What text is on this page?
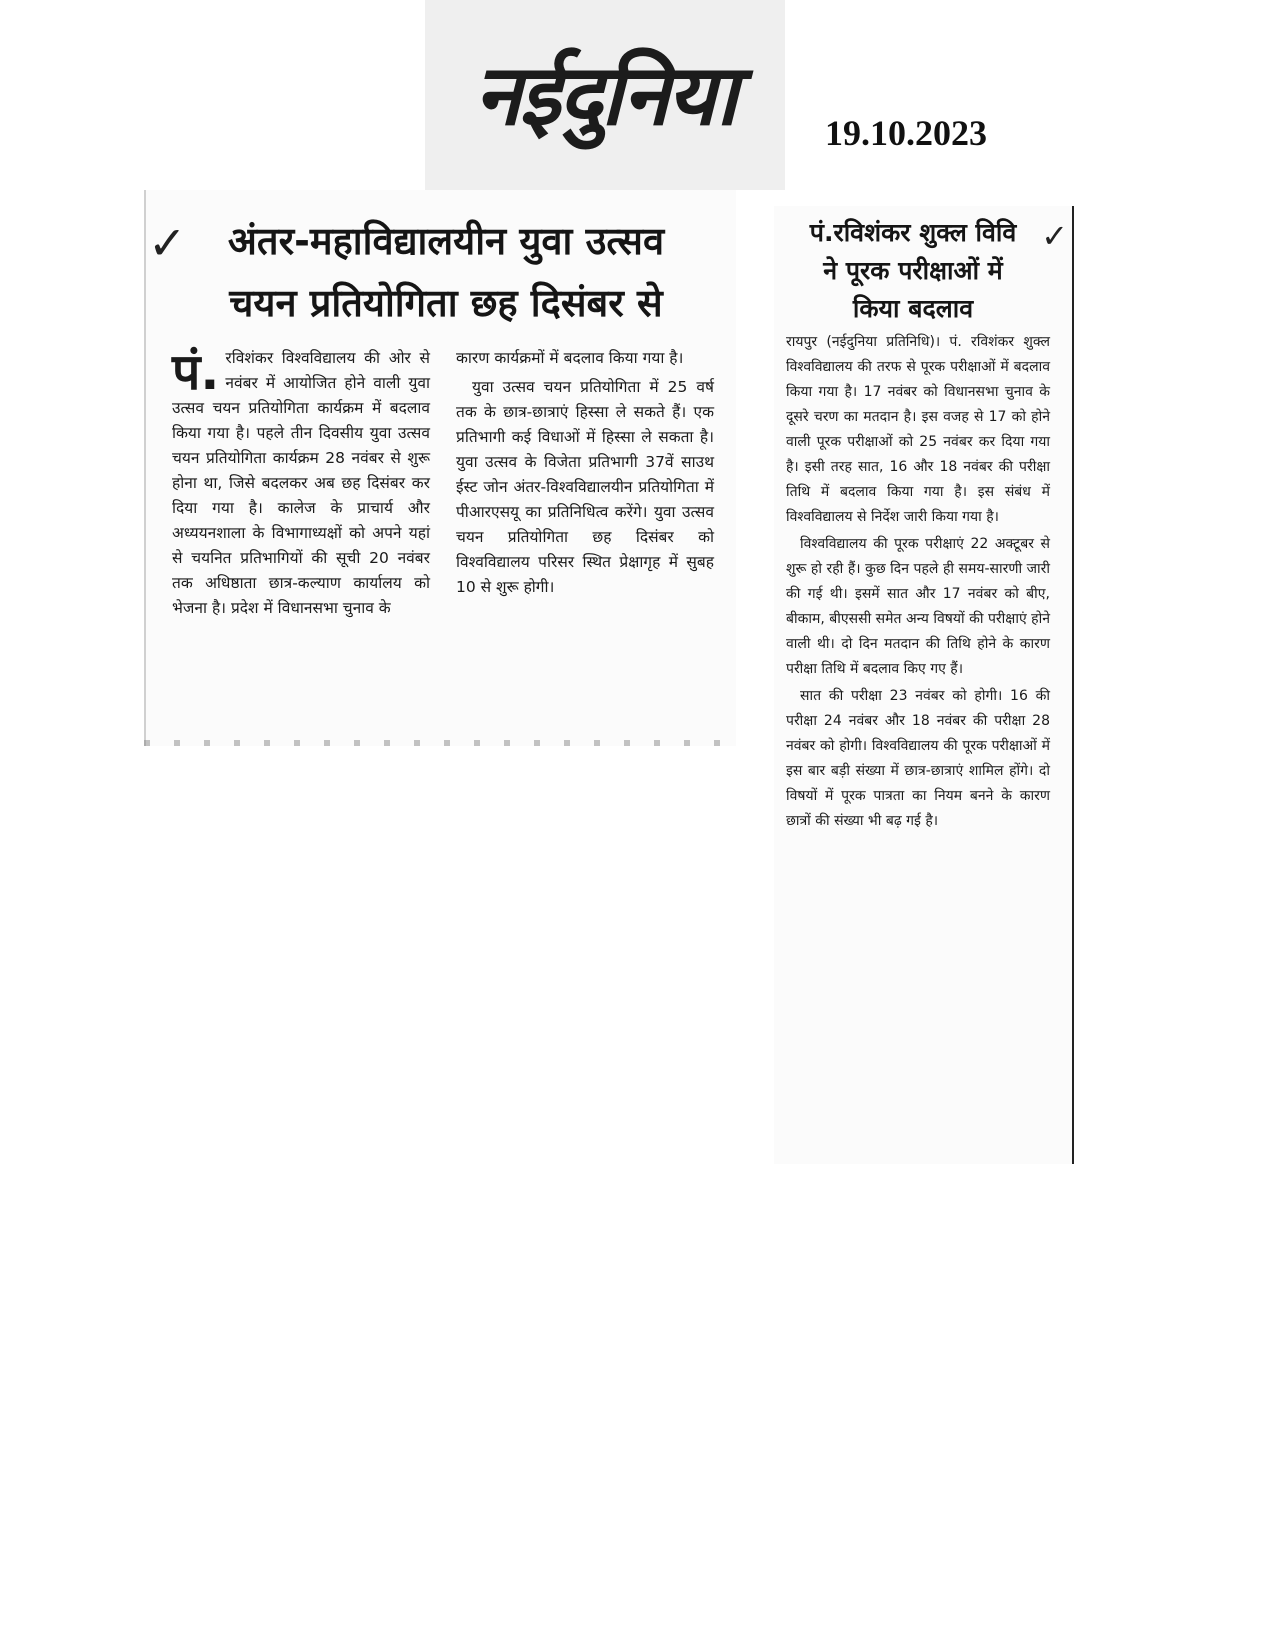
नईदुनिया 19.10.2023
✓	अंतर-महाविद्यालयीन युवा उत्सव
चयन प्रतियोगिता छह दिसंबर से

पं. रविशंकर विश्वविद्यालय की ओर से नवंबर में आयोजित होने वाली युवा उत्सव चयन प्रतियोगिता कार्यक्रम में बदलाव किया गया है। पहले तीन दिवसीय युवा उत्सव चयन प्रतियोगिता कार्यक्रम 28 नवंबर से शुरू होना था, जिसे बदलकर अब छह दिसंबर कर दिया गया है। कालेज के प्राचार्य और अध्ययनशाला के विभागाध्यक्षों को अपने यहां से चयनित प्रतिभागियों की सूची 20 नवंबर तक अधिष्ठाता छात्र-कल्याण कार्यालय को भेजना है। प्रदेश में विधानसभा चुनाव के

कारण कार्यक्रमों में बदलाव किया गया है।

युवा उत्सव चयन प्रतियोगिता में 25 वर्ष तक के छात्र-छात्राएं हिस्सा ले सकते हैं। एक प्रतिभागी कई विधाओं में हिस्सा ले सकता है। युवा उत्सव के विजेता प्रतिभागी 37वें साउथ ईस्ट जोन अंतर-विश्वविद्यालयीन प्रतियोगिता में पीआरएसयू का प्रतिनिधित्व करेंगे। युवा उत्सव चयन प्रतियोगिता छह दिसंबर को विश्वविद्यालय परिसर स्थित प्रेक्षागृह में सुबह 10 से शुरू होगी।

✓
पं.रविशंकर शुक्ल विवि
ने पूरक परीक्षाओं में
किया बदलाव

रायपुर (नईदुनिया प्रतिनिधि)। पं. रविशंकर शुक्ल विश्वविद्यालय की तरफ से पूरक परीक्षाओं में बदलाव किया गया है। 17 नवंबर को विधानसभा चुनाव के दूसरे चरण का मतदान है। इस वजह से 17 को होने वाली पूरक परीक्षाओं को 25 नवंबर कर दिया गया है। इसी तरह सात, 16 और 18 नवंबर की परीक्षा तिथि में बदलाव किया गया है। इस संबंध में विश्वविद्यालय से निर्देश जारी किया गया है।

विश्वविद्यालय की पूरक परीक्षाएं 22 अक्टूबर से शुरू हो रही हैं। कुछ दिन पहले ही समय-सारणी जारी की गई थी। इसमें सात और 17 नवंबर को बीए, बीकाम, बीएससी समेत अन्य विषयों की परीक्षाएं होने वाली थी। दो दिन मतदान की तिथि होने के कारण परीक्षा तिथि में बदलाव किए गए हैं।

सात की परीक्षा 23 नवंबर को होगी। 16 की परीक्षा 24 नवंबर और 18 नवंबर की परीक्षा 28 नवंबर को होगी। विश्वविद्यालय की पूरक परीक्षाओं में इस बार बड़ी संख्या में छात्र-छात्राएं शामिल होंगे। दो विषयों में पूरक पात्रता का नियम बनने के कारण छात्रों की संख्या भी बढ़ गई है।
